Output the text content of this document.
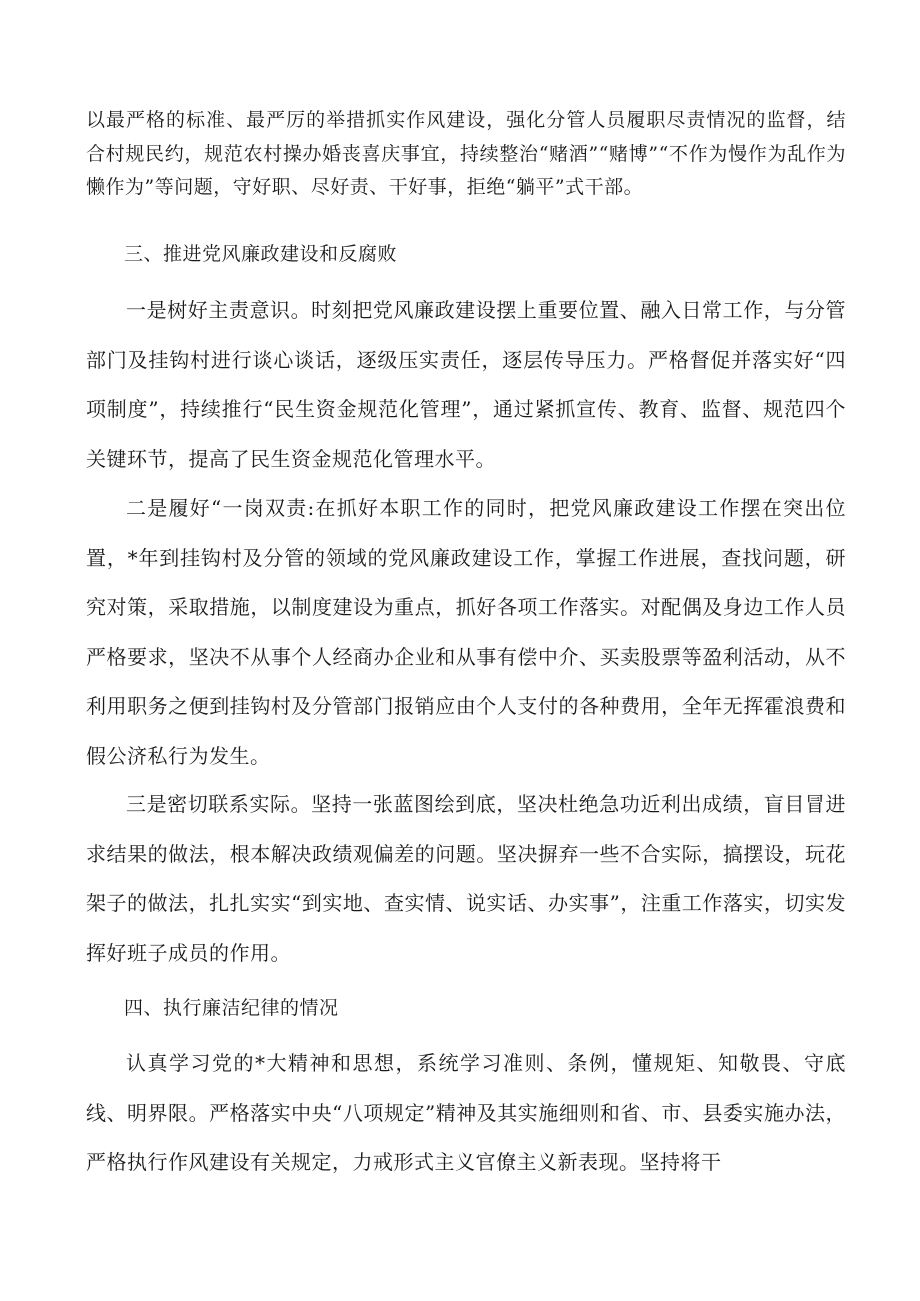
以最严格的标准、最严厉的举措抓实作风建设，强化分管人员履职尽责情况的监督，结合村规民约，规范农村操办婚丧喜庆事宜，持续整治“赌酒”“赌博”“不作为慢作为乱作为懒作为”等问题，守好职、尽好责、干好事，拒绝“躺平”式干部。

三、推进党风廉政建设和反腐败

一是树好主责意识。时刻把党风廉政建设摆上重要位置、融入日常工作，与分管部门及挂钩村进行谈心谈话，逐级压实责任，逐层传导压力。严格督促并落实好“四项制度”，持续推行“民生资金规范化管理”，通过紧抓宣传、教育、监督、规范四个关键环节，提高了民生资金规范化管理水平。

二是履好“一岗双责:在抓好本职工作的同时，把党风廉政建设工作摆在突出位置，*年到挂钩村及分管的领域的党风廉政建设工作，掌握工作进展，查找问题，研究对策，采取措施，以制度建设为重点，抓好各项工作落实。对配偶及身边工作人员严格要求，坚决不从事个人经商办企业和从事有偿中介、买卖股票等盈利活动，从不利用职务之便到挂钩村及分管部门报销应由个人支付的各种费用，全年无挥霍浪费和假公济私行为发生。

三是密切联系实际。坚持一张蓝图绘到底，坚决杜绝急功近利出成绩，盲目冒进求结果的做法，根本解决政绩观偏差的问题。坚决摒弃一些不合实际，搞摆设，玩花架子的做法，扎扎实实“到实地、查实情、说实话、办实事”，注重工作落实，切实发挥好班子成员的作用。

四、执行廉洁纪律的情况

认真学习党的*大精神和思想，系统学习准则、条例，懂规矩、知敬畏、守底线、明界限。严格落实中央“八项规定”精神及其实施细则和省、市、县委实施办法，严格执行作风建设有关规定，力戒形式主义官僚主义新表现。坚持将干
